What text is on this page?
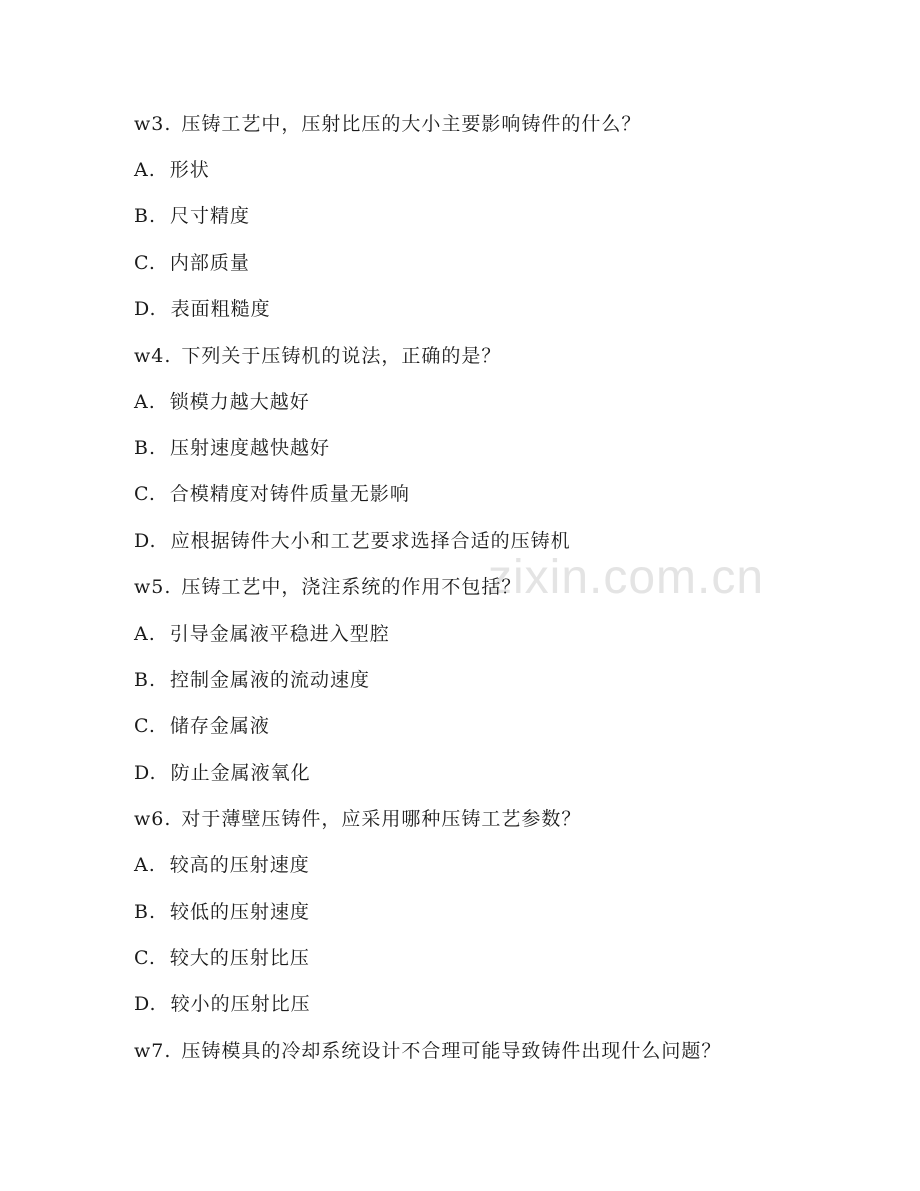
zixin.com.cn
w3. 压铸工艺中，压射比压的大小主要影响铸件的什么？
A. 形状
B. 尺寸精度
C. 内部质量
D. 表面粗糙度
w4. 下列关于压铸机的说法，正确的是？
A. 锁模力越大越好
B. 压射速度越快越好
C. 合模精度对铸件质量无影响
D. 应根据铸件大小和工艺要求选择合适的压铸机
w5. 压铸工艺中，浇注系统的作用不包括？
A. 引导金属液平稳进入型腔
B. 控制金属液的流动速度
C. 储存金属液
D. 防止金属液氧化
w6. 对于薄壁压铸件，应采用哪种压铸工艺参数？
A. 较高的压射速度
B. 较低的压射速度
C. 较大的压射比压
D. 较小的压射比压
w7. 压铸模具的冷却系统设计不合理可能导致铸件出现什么问题？
